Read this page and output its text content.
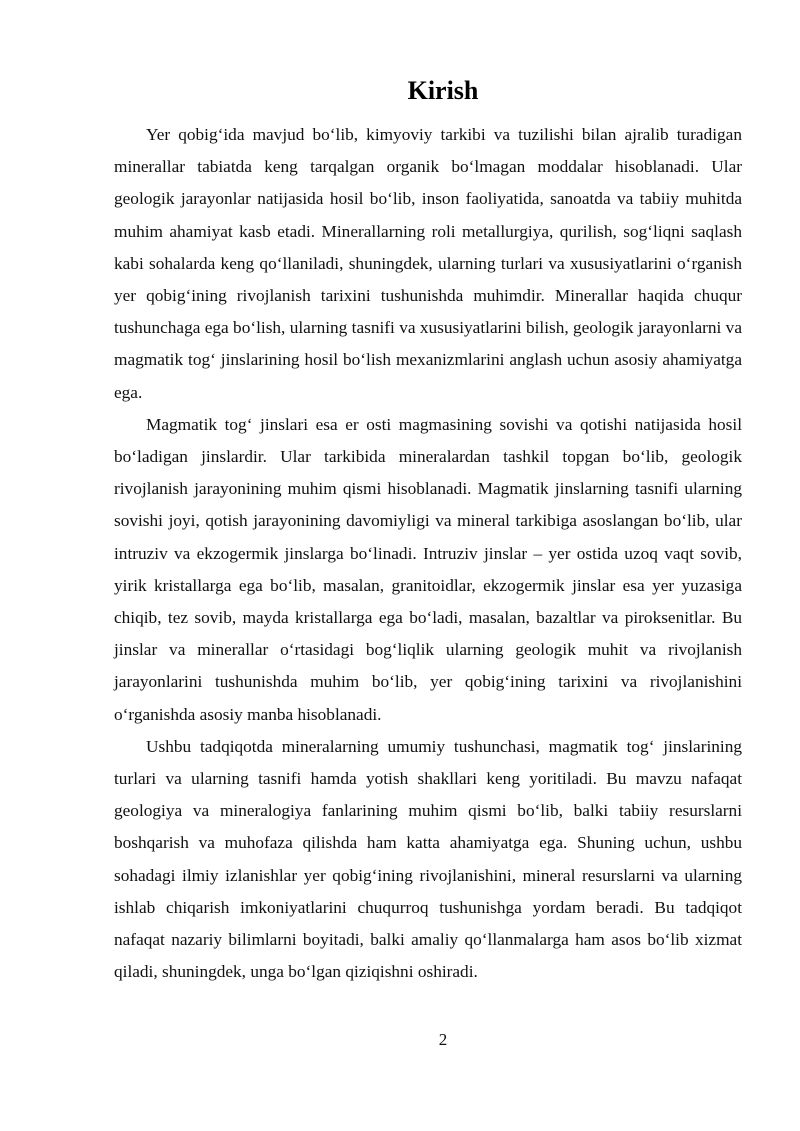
Kirish

Yer qobig‘ida mavjud bo‘lib, kimyoviy tarkibi va tuzilishi bilan ajralib turadigan minerallar tabiatda keng tarqalgan organik bo‘lmagan moddalar hisoblanadi. Ular geologik jarayonlar natijasida hosil bo‘lib, inson faoliyatida, sanoatda va tabiiy muhitda muhim ahamiyat kasb etadi. Minerallarning roli metallurgiya, qurilish, sog‘liqni saqlash kabi sohalarda keng qo‘llaniladi, shuningdek, ularning turlari va xususiyatlarini o‘rganish yer qobig‘ining rivojlanish tarixini tushunishda muhimdir. Minerallar haqida chuqur tushunchaga ega bo‘lish, ularning tasnifi va xususiyatlarini bilish, geologik jarayonlarni va magmatik tog‘ jinslarining hosil bo‘lish mexanizmlarini anglash uchun asosiy ahamiyatga ega.

Magmatik tog‘ jinslari esa er osti magmasining sovishi va qotishi natijasida hosil bo‘ladigan jinslardir. Ular tarkibida mineralardan tashkil topgan bo‘lib, geologik rivojlanish jarayonining muhim qismi hisoblanadi. Magmatik jinslarning tasnifi ularning sovishi joyi, qotish jarayonining davomiyligi va mineral tarkibiga asoslangan bo‘lib, ular intruziv va ekzogermik jinslarga bo‘linadi. Intruziv jinslar – yer ostida uzoq vaqt sovib, yirik kristallarga ega bo‘lib, masalan, granitoidlar, ekzogermik jinslar esa yer yuzasiga chiqib, tez sovib, mayda kristallarga ega bo‘ladi, masalan, bazaltlar va piroksenitlar. Bu jinslar va minerallar o‘rtasidagi bog‘liqlik ularning geologik muhit va rivojlanish jarayonlarini tushunishda muhim bo‘lib, yer qobig‘ining tarixini va rivojlanishini o‘rganishda asosiy manba hisoblanadi.

Ushbu tadqiqotda mineralarning umumiy tushunchasi, magmatik tog‘ jinslarining turlari va ularning tasnifi hamda yotish shakllari keng yoritiladi. Bu mavzu nafaqat geologiya va mineralogiya fanlarining muhim qismi bo‘lib, balki tabiiy resurslarni boshqarish va muhofaza qilishda ham katta ahamiyatga ega. Shuning uchun, ushbu sohadagi ilmiy izlanishlar yer qobig‘ining rivojlanishini, mineral resurslarni va ularning ishlab chiqarish imkoniyatlarini chuqurroq tushunishga yordam beradi. Bu tadqiqot nafaqat nazariy bilimlarni boyitadi, balki amaliy qo‘llanmalarga ham asos bo‘lib xizmat qiladi, shuningdek, unga bo‘lgan qiziqishni oshiradi.

2
